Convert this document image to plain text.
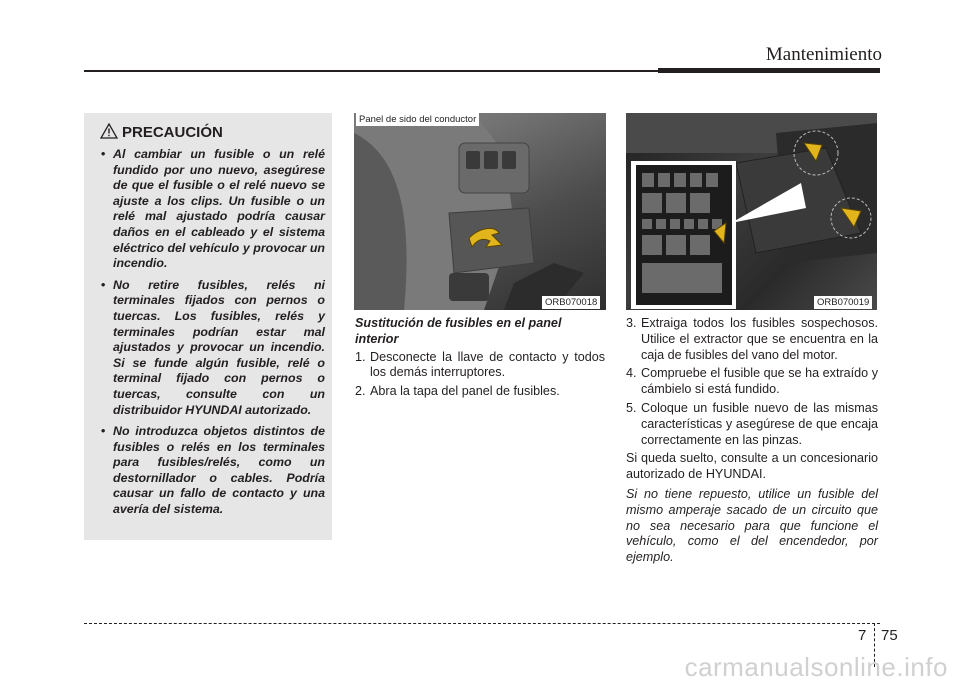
Mantenimiento
PRECAUCIÓN
• Al cambiar un fusible o un relé fundido por uno nuevo, asegúrese de que el fusible o el relé nuevo se ajuste a los clips. Un fusible o un relé mal ajustado podría causar daños en el cableado y el sistema eléctrico del vehículo y provocar un incendio.
• No retire fusibles, relés ni terminales fijados con pernos o tuercas. Los fusibles, relés y terminales podrían estar mal ajustados y provocar un incendio. Si se funde algún fusible, relé o terminal fijado con pernos o tuercas, consulte con un distribuidor HYUNDAI autorizado.
• No introduzca objetos distintos de fusibles o relés en los terminales para fusibles/relés, como un destornillador o cables. Podría causar un fallo de contacto y una avería del sistema.
Panel de sido del conductor
ORB070018	ORB070019

Sustitución de fusibles en el panel interior

1. Desconecte la llave de contacto y todos los demás interruptores.
2. Abra la tapa del panel de fusibles.
3. Extraiga todos los fusibles sospechosos. Utilice el extractor que se encuentra en la caja de fusibles del vano del motor.
4. Compruebe el fusible que se ha extraído y cámbielo si está fundido.
5. Coloque un fusible nuevo de las mismas características y asegúrese de que encaja correctamente en las pinzas.

Si queda suelto, consulte a un concesionario autorizado de HYUNDAI.

Si no tiene repuesto, utilice un fusible del mismo amperaje sacado de un circuito que no sea necesario para que funcione el vehículo, como el del encendedor, por ejemplo.

7 75
carmanualsonline.info
